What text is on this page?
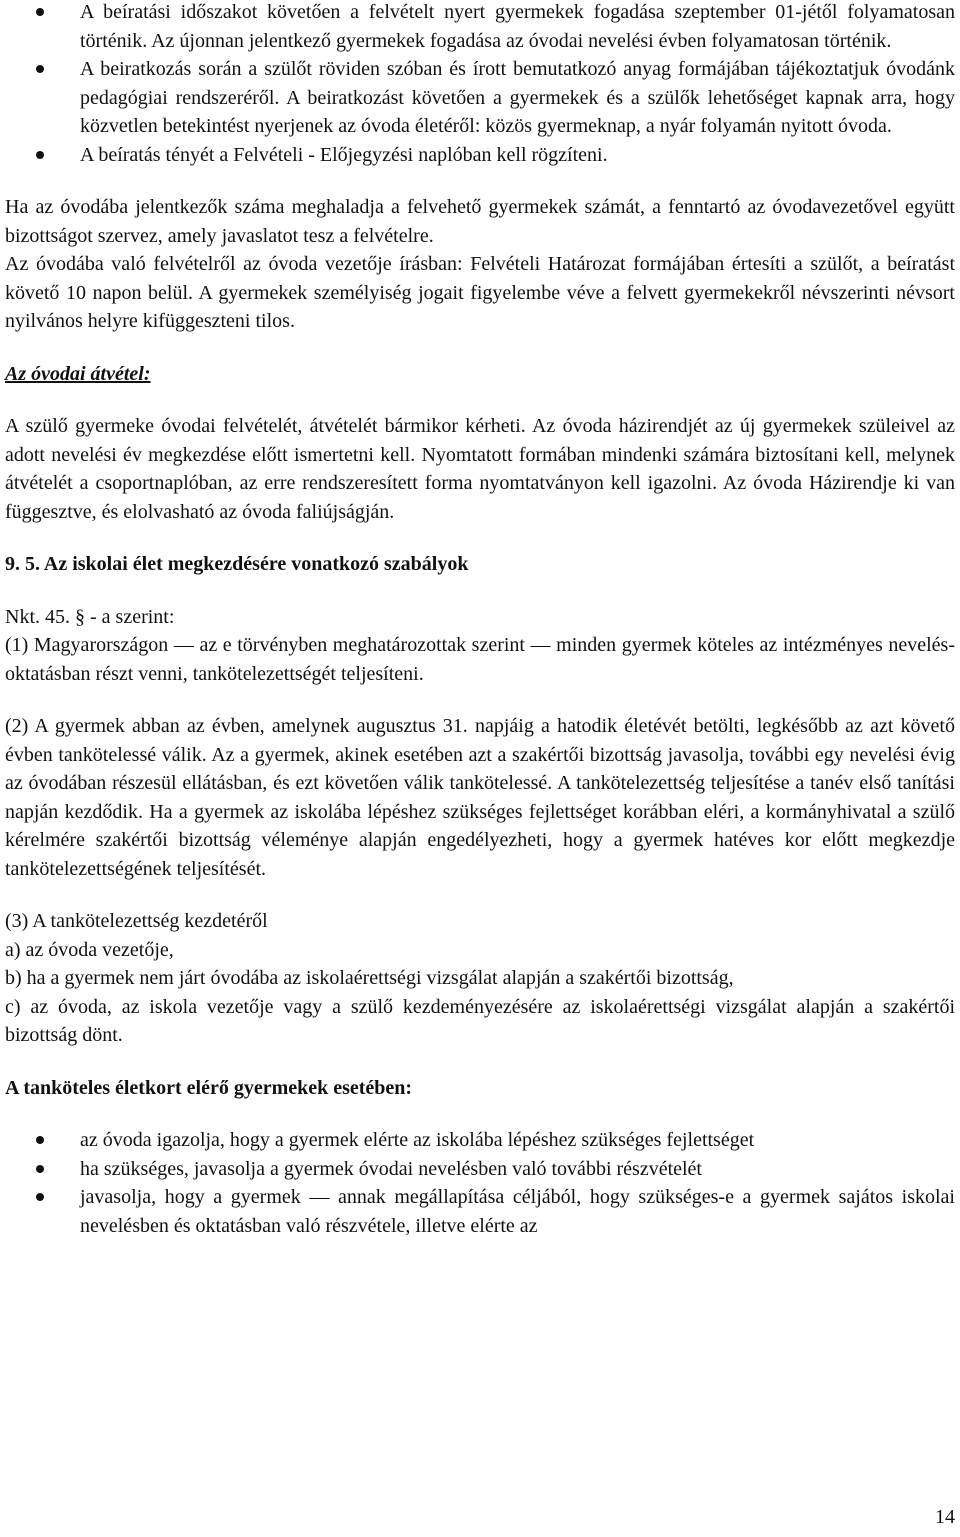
A beíratási időszakot követően a felvételt nyert gyermekek fogadása szeptember 01-jétől folyamatosan történik. Az újonnan jelentkező gyermekek fogadása az óvodai nevelési évben folyamatosan történik.
A beiratkozás során a szülőt röviden szóban és írott bemutatkozó anyag formájában tájékoztatjuk óvodánk pedagógiai rendszeréről. A beiratkozást követően a gyermekek és a szülők lehetőséget kapnak arra, hogy közvetlen betekintést nyerjenek az óvoda életéről: közös gyermeknap, a nyár folyamán nyitott óvoda.
A beíratás tényét a Felvételi - Előjegyzési naplóban kell rögzíteni.

Ha az óvodába jelentkezők száma meghaladja a felvehető gyermekek számát, a fenntartó az óvodavezetővel együtt bizottságot szervez, amely javaslatot tesz a felvételre.

Az óvodába való felvételről az óvoda vezetője írásban: Felvételi Határozat formájában értesíti a szülőt, a beíratást követő 10 napon belül. A gyermekek személyiség jogait figyelembe véve a felvett gyermekekről névszerinti névsort nyilvános helyre kifüggeszteni tilos.

Az óvodai átvétel:

A szülő gyermeke óvodai felvételét, átvételét bármikor kérheti. Az óvoda házirendjét az új gyermekek szüleivel az adott nevelési év megkezdése előtt ismertetni kell. Nyomtatott formában mindenki számára biztosítani kell, melynek átvételét a csoportnaplóban, az erre rendszeresített forma nyomtatványon kell igazolni. Az óvoda Házirendje ki van függesztve, és elolvasható az óvoda faliújságján.

9. 5. Az iskolai élet megkezdésére vonatkozó szabályok

Nkt. 45. § - a szerint:

(1) Magyarországon — az e törvényben meghatározottak szerint — minden gyermek köteles az intézményes nevelés-oktatásban részt venni, tankötelezettségét teljesíteni.

(2) A gyermek abban az évben, amelynek augusztus 31. napjáig a hatodik életévét betölti, legkésőbb az azt követő évben tankötelessé válik. Az a gyermek, akinek esetében azt a szakértői bizottság javasolja, további egy nevelési évig az óvodában részesül ellátásban, és ezt követően válik tankötelessé. A tankötelezettség teljesítése a tanév első tanítási napján kezdődik. Ha a gyermek az iskolába lépéshez szükséges fejlettséget korábban eléri, a kormányhivatal a szülő kérelmére szakértői bizottság véleménye alapján engedélyezheti, hogy a gyermek hatéves kor előtt megkezdje tankötelezettségének teljesítését.

(3) A tankötelezettség kezdetéről

a) az óvoda vezetője,

b) ha a gyermek nem járt óvodába az iskolaérettségi vizsgálat alapján a szakértői bizottság,

c) az óvoda, az iskola vezetője vagy a szülő kezdeményezésére az iskolaérettségi vizsgálat alapján a szakértői bizottság dönt.

A tanköteles életkort elérő gyermekek esetében:

az óvoda igazolja, hogy a gyermek elérte az iskolába lépéshez szükséges fejlettséget
ha szükséges, javasolja a gyermek óvodai nevelésben való további részvételét
javasolja, hogy a gyermek — annak megállapítása céljából, hogy szükséges-e a gyermek sajátos iskolai nevelésben és oktatásban való részvétele, illetve elérte az
14
